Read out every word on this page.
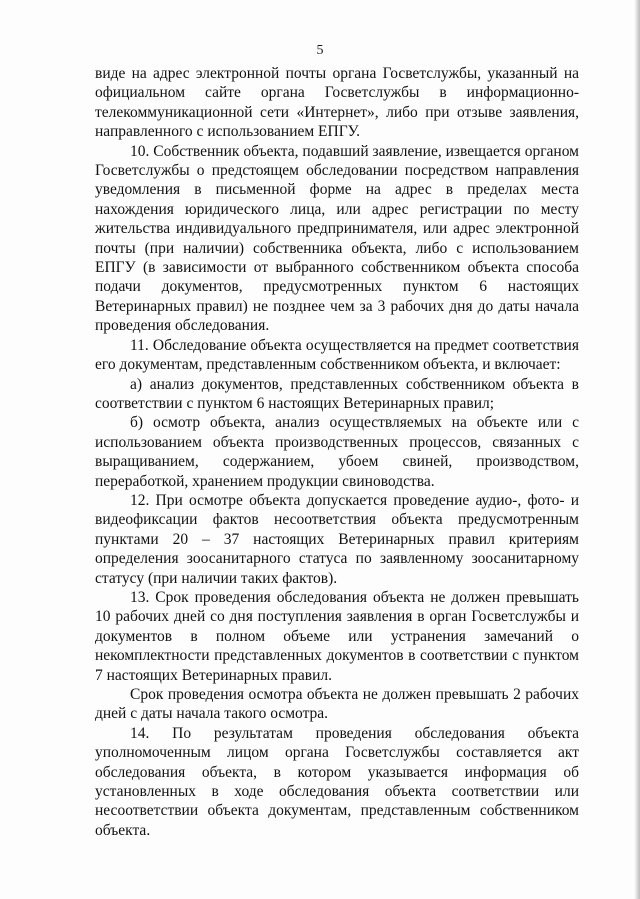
5

виде на адрес электронной почты органа Госветслужбы, указанный на официальном сайте органа Госветслужбы в информационно-телекоммуникационной сети «Интернет», либо при отзыве заявления, направленного с использованием ЕПГУ.

10. Собственник объекта, подавший заявление, извещается органом Госветслужбы о предстоящем обследовании посредством направления уведомления в письменной форме на адрес в пределах места нахождения юридического лица, или адрес регистрации по месту жительства индивидуального предпринимателя, или адрес электронной почты (при наличии) собственника объекта, либо с использованием ЕПГУ (в зависимости от выбранного собственником объекта способа подачи документов, предусмотренных пунктом 6 настоящих Ветеринарных правил) не позднее чем за 3 рабочих дня до даты начала проведения обследования.

11. Обследование объекта осуществляется на предмет соответствия его документам, представленным собственником объекта, и включает:

а) анализ документов, представленных собственником объекта в соответствии с пунктом 6 настоящих Ветеринарных правил;

б) осмотр объекта, анализ осуществляемых на объекте или с использованием объекта производственных процессов, связанных с выращиванием, содержанием, убоем свиней, производством, переработкой, хранением продукции свиноводства.

12. При осмотре объекта допускается проведение аудио-, фото- и видеофиксации фактов несоответствия объекта предусмотренным пунктами 20 – 37 настоящих Ветеринарных правил критериям определения зоосанитарного статуса по заявленному зоосанитарному статусу (при наличии таких фактов).

13. Срок проведения обследования объекта не должен превышать 10 рабочих дней со дня поступления заявления в орган Госветслужбы и документов в полном объеме или устранения замечаний о некомплектности представленных документов в соответствии с пунктом 7 настоящих Ветеринарных правил.

Срок проведения осмотра объекта не должен превышать 2 рабочих дней с даты начала такого осмотра.

14. По результатам проведения обследования объекта уполномоченным лицом органа Госветслужбы составляется акт обследования объекта, в котором указывается информация об установленных в ходе обследования объекта соответствии или несоответствии объекта документам, представленным собственником объекта.
